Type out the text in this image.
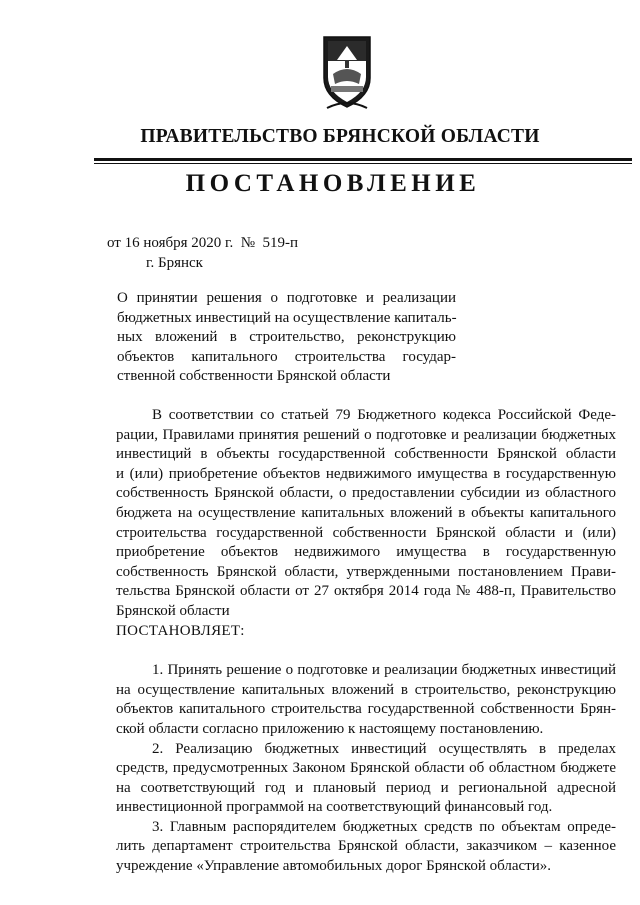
ПРАВИТЕЛЬСТВО БРЯНСКОЙ ОБЛАСТИ
ПОСТАНОВЛЕНИЕ
от 16 ноября 2020 г.  №  519-п
г. Брянск
О принятии решения о подготовке и реализации
бюджетных инвестиций на осуществление капиталь-
ных вложений в строительство, реконструкцию
объектов капитального строительства государ-
ственной собственности Брянской области
В соответствии со статьей 79 Бюджетного кодекса Российской Феде-
рации, Правилами принятия решений о подготовке и реализации бюджетных
инвестиций в объекты государственной собственности Брянской области
и (или) приобретение объектов недвижимого имущества в государственную
собственность Брянской области, о предоставлении субсидии из областного
бюджета на осуществление капитальных вложений в объекты капитального
строительства государственной собственности Брянской области и (или)
приобретение объектов недвижимого имущества в государственную
собственность Брянской области, утвержденными постановлением Прави-
тельства Брянской области от 27 октября 2014 года № 488-п, Правительство
Брянской области
ПОСТАНОВЛЯЕТ:
1. Принять решение о подготовке и реализации бюджетных инвестиций
на осуществление капитальных вложений в строительство, реконструкцию
объектов капитального строительства государственной собственности Брян-
ской области согласно приложению к настоящему постановлению.
2. Реализацию бюджетных инвестиций осуществлять в пределах
средств, предусмотренных Законом Брянской области об областном бюджете
на соответствующий год и плановый период и региональной адресной
инвестиционной программой на соответствующий финансовый год.
3. Главным распорядителем бюджетных средств по объектам опреде-
лить департамент строительства Брянской области, заказчиком – казенное
учреждение «Управление автомобильных дорог Брянской области».
